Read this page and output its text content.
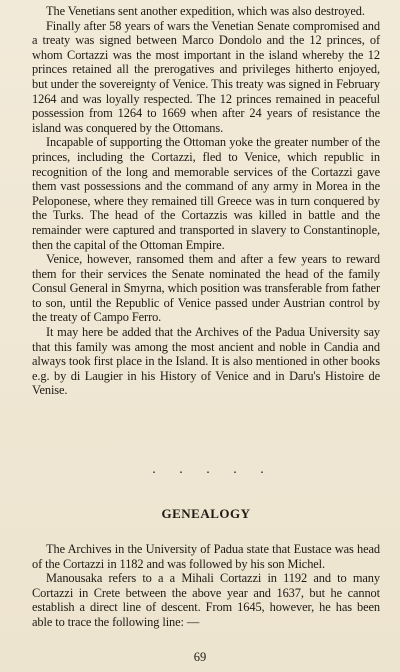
The Venetians sent another expedition, which was also destroyed.

Finally after 58 years of wars the Venetian Senate compromised and a treaty was signed between Marco Dondolo and the 12 princes, of whom Cortazzi was the most important in the island whereby the 12 princes retained all the prerogatives and privileges hitherto enjoyed, but under the sovereignty of Venice. This treaty was signed in February 1264 and was loyally respected. The 12 princes remained in peaceful possession from 1264 to 1669 when after 24 years of resistance the island was conquered by the Ottomans.

Incapable of supporting the Ottoman yoke the greater number of the princes, including the Cortazzi, fled to Venice, which republic in recognition of the long and memorable services of the Cortazzi gave them vast possessions and the command of any army in Morea in the Peloponese, where they remained till Greece was in turn conquered by the Turks. The head of the Cortazzis was killed in battle and the remainder were captured and transported in slavery to Constantinople, then the capital of the Ottoman Empire.

Venice, however, ransomed them and after a few years to reward them for their services the Senate nominated the head of the family Consul General in Smyrna, which position was transferable from father to son, until the Republic of Venice passed under Austrian control by the treaty of Campo Ferro.

It may here be added that the Archives of the Padua University say that this family was among the most ancient and noble in Candia and always took first place in the Island. It is also mentioned in other books e.g. by di Laugier in his History of Venice and in Daru's Histoire de Venise.

. . . . .
GENEALOGY

The Archives in the University of Padua state that Eustace was head of the Cortazzi in 1182 and was followed by his son Michel.

Manousaka refers to a a Mihali Cortazzi in 1192 and to many Cortazzi in Crete between the above year and 1637, but he cannot establish a direct line of descent. From 1645, however, he has been able to trace the following line: —

69
